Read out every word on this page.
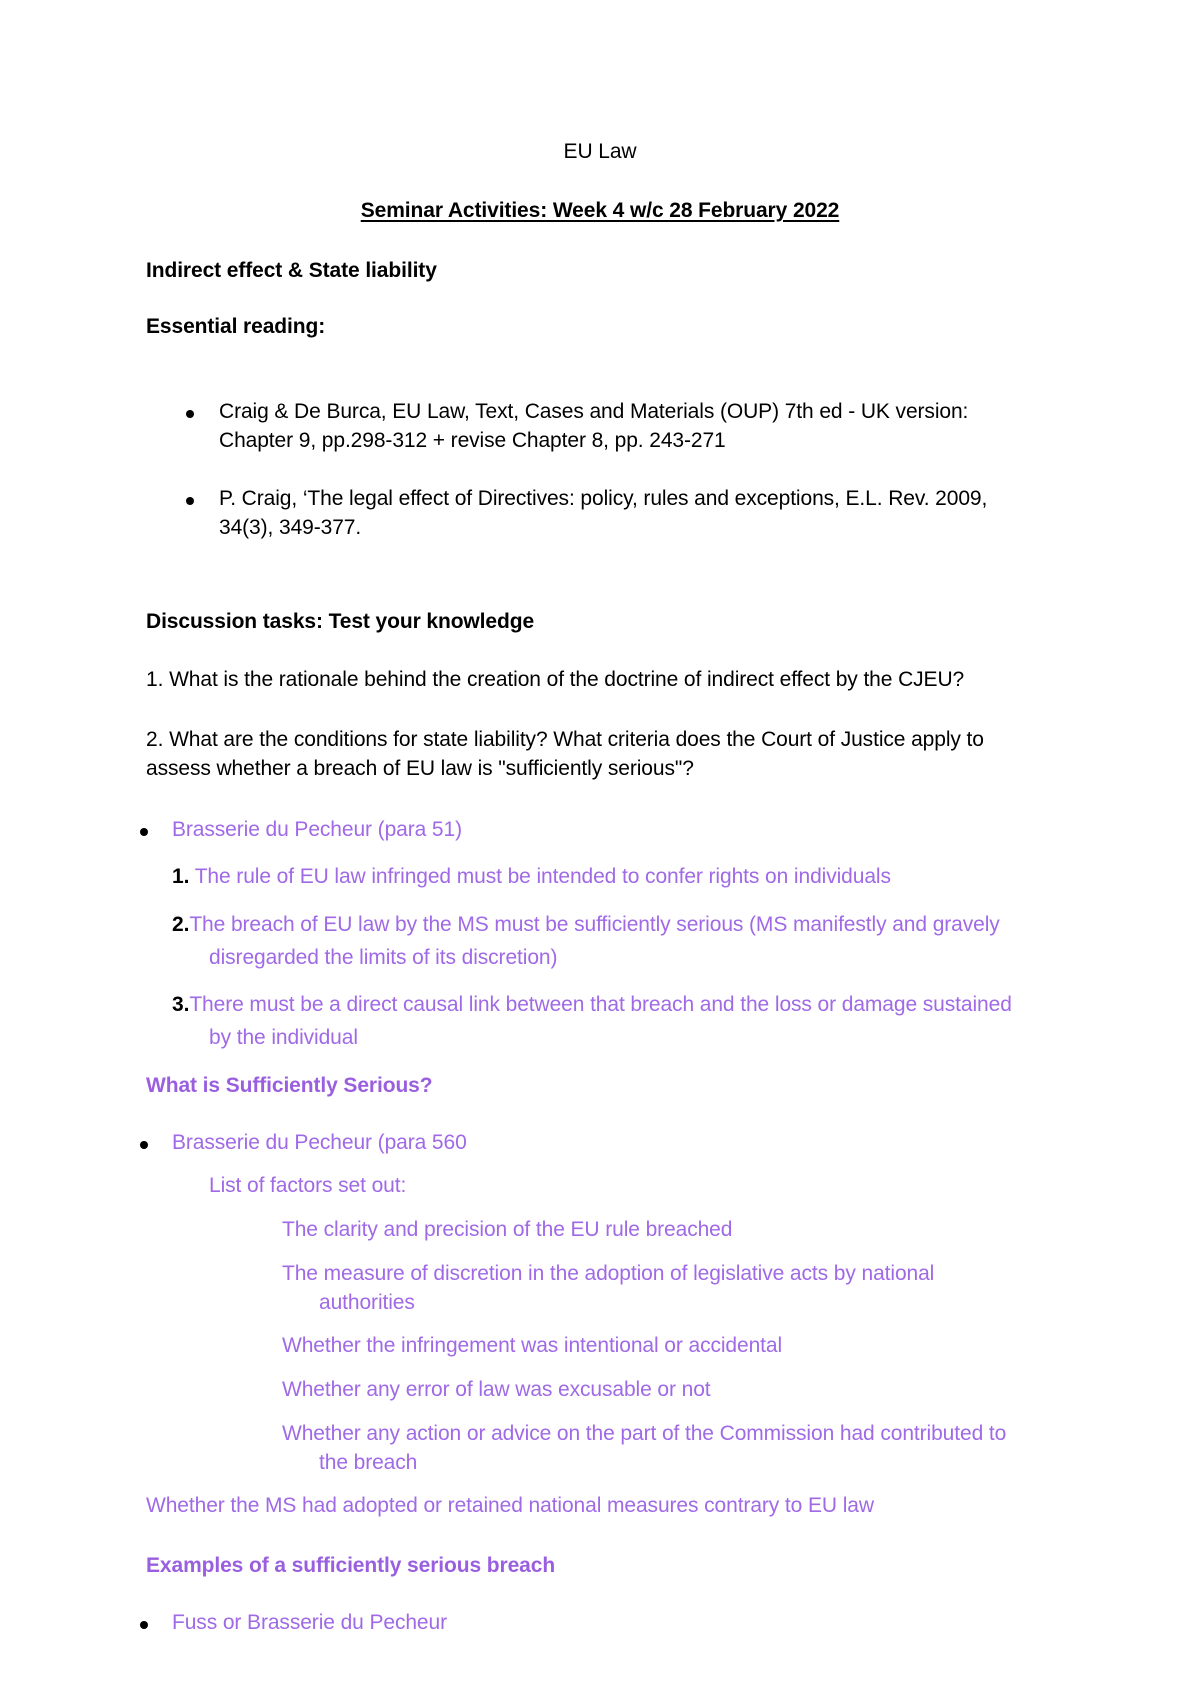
EU Law
Seminar Activities: Week 4 w/c 28 February 2022
Indirect effect & State liability
Essential reading:
Craig & De Burca, EU Law, Text, Cases and Materials (OUP) 7th ed - UK version:
Chapter 9, pp.298-312 + revise Chapter 8, pp. 243-271
P. Craig, ‘The legal effect of Directives: policy, rules and exceptions, E.L. Rev. 2009,
34(3), 349-377.
Discussion tasks: Test your knowledge
1. What is the rationale behind the creation of the doctrine of indirect effect by the CJEU?
2. What are the conditions for state liability? What criteria does the Court of Justice apply to
assess whether a breach of EU law is "sufficiently serious"?
Brasserie du Pecheur (para 51)
1. The rule of EU law infringed must be intended to confer rights on individuals
2.The breach of EU law by the MS must be sufficiently serious (MS manifestly and gravely
disregarded the limits of its discretion)
3.There must be a direct causal link between that breach and the loss or damage sustained
by the individual
What is Sufficiently Serious?
Brasserie du Pecheur (para 560
List of factors set out:
The clarity and precision of the EU rule breached
The measure of discretion in the adoption of legislative acts by national
authorities
Whether the infringement was intentional or accidental
Whether any error of law was excusable or not
Whether any action or advice on the part of the Commission had contributed to
the breach
Whether the MS had adopted or retained national measures contrary to EU law
Examples of a sufficiently serious breach
Fuss or Brasserie du Pecheur
